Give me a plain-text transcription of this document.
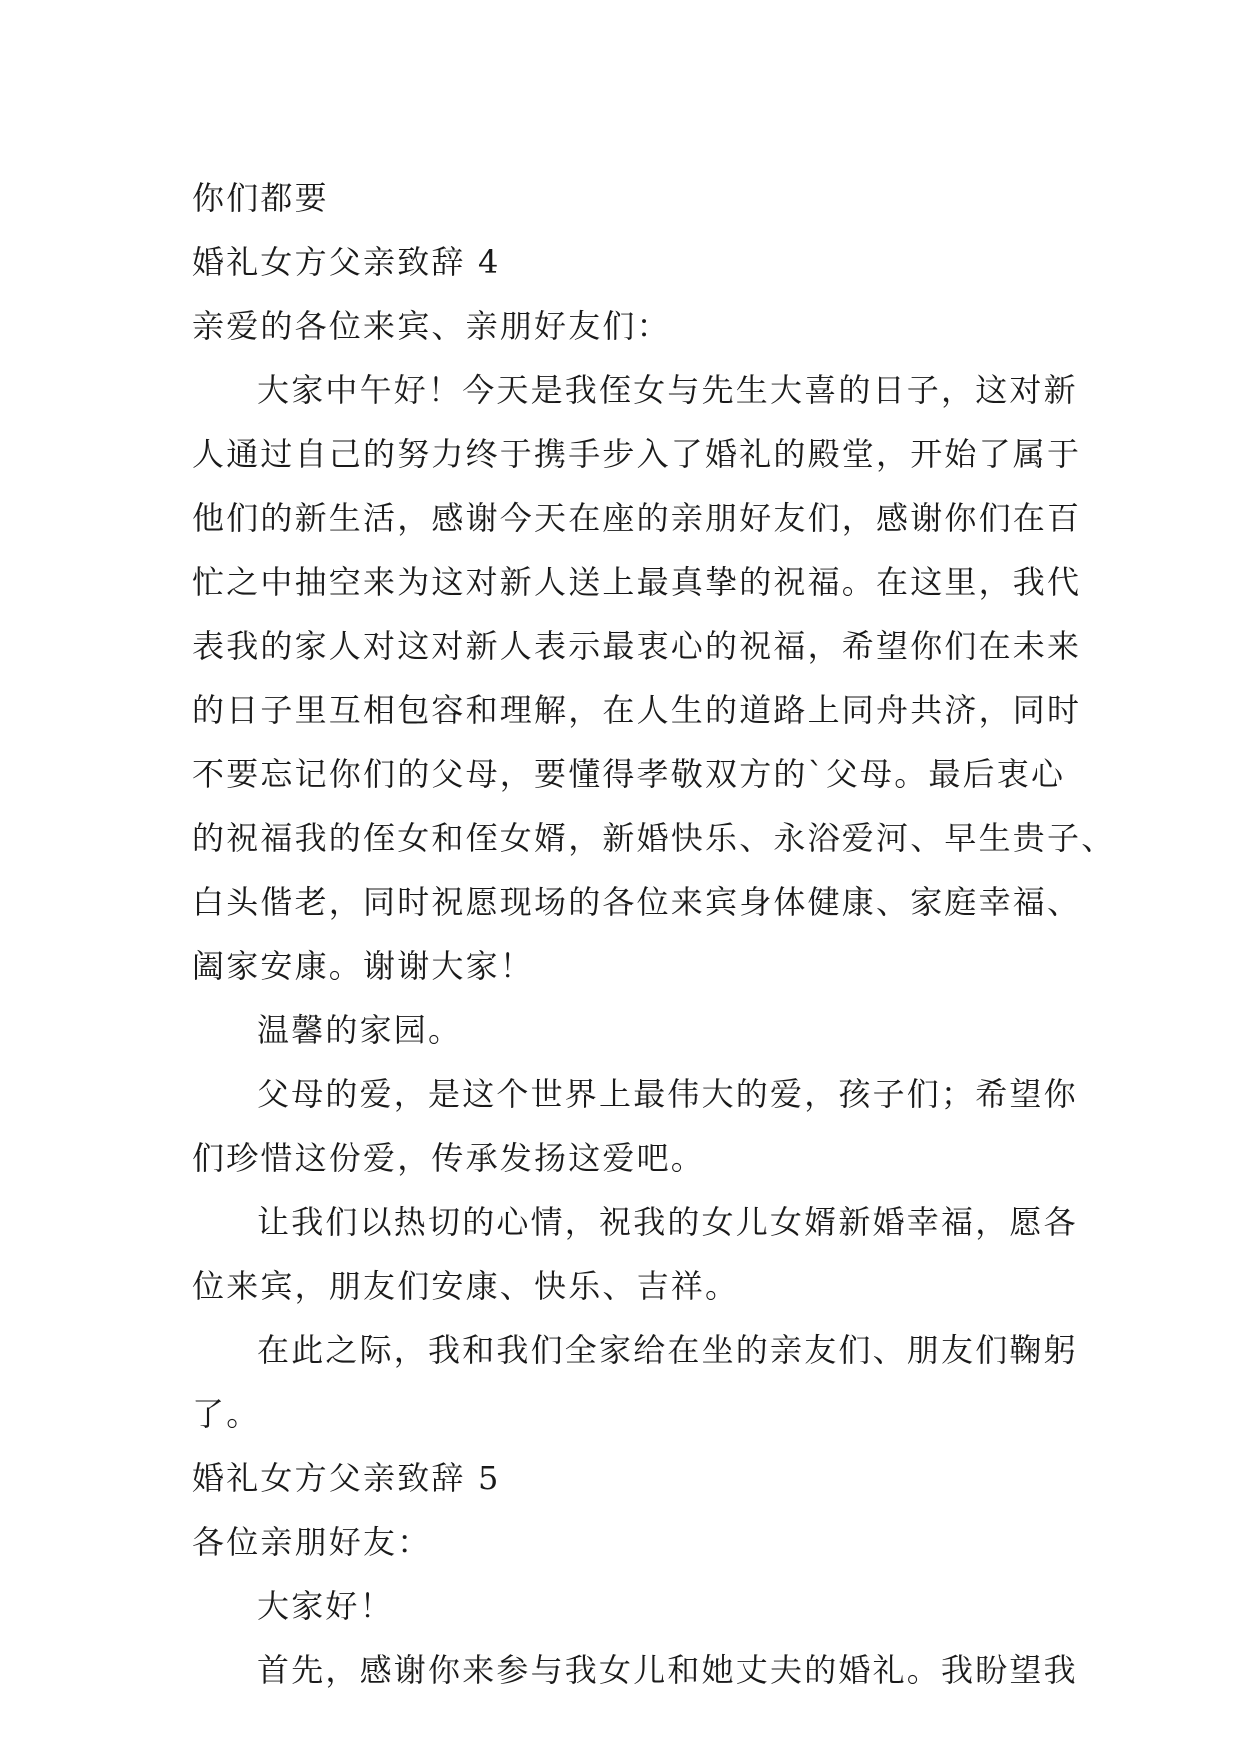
你们都要
婚礼女方父亲致辞 4
亲爱的各位来宾、亲朋好友们：
大家中午好！今天是我侄女与先生大喜的日子，这对新
人通过自己的努力终于携手步入了婚礼的殿堂，开始了属于
他们的新生活，感谢今天在座的亲朋好友们，感谢你们在百
忙之中抽空来为这对新人送上最真挚的祝福。在这里，我代
表我的家人对这对新人表示最衷心的祝福，希望你们在未来
的日子里互相包容和理解，在人生的道路上同舟共济，同时
不要忘记你们的父母，要懂得孝敬双方的`父母。最后衷心
的祝福我的侄女和侄女婿，新婚快乐、永浴爱河、早生贵子、
白头偕老，同时祝愿现场的各位来宾身体健康、家庭幸福、
阖家安康。谢谢大家！
温馨的家园。
父母的爱，是这个世界上最伟大的爱，孩子们；希望你
们珍惜这份爱，传承发扬这爱吧。
让我们以热切的心情，祝我的女儿女婿新婚幸福，愿各
位来宾，朋友们安康、快乐、吉祥。
在此之际，我和我们全家给在坐的亲友们、朋友们鞠躬
了。
婚礼女方父亲致辞 5
各位亲朋好友：
大家好！
首先，感谢你来参与我女儿和她丈夫的婚礼。我盼望我
